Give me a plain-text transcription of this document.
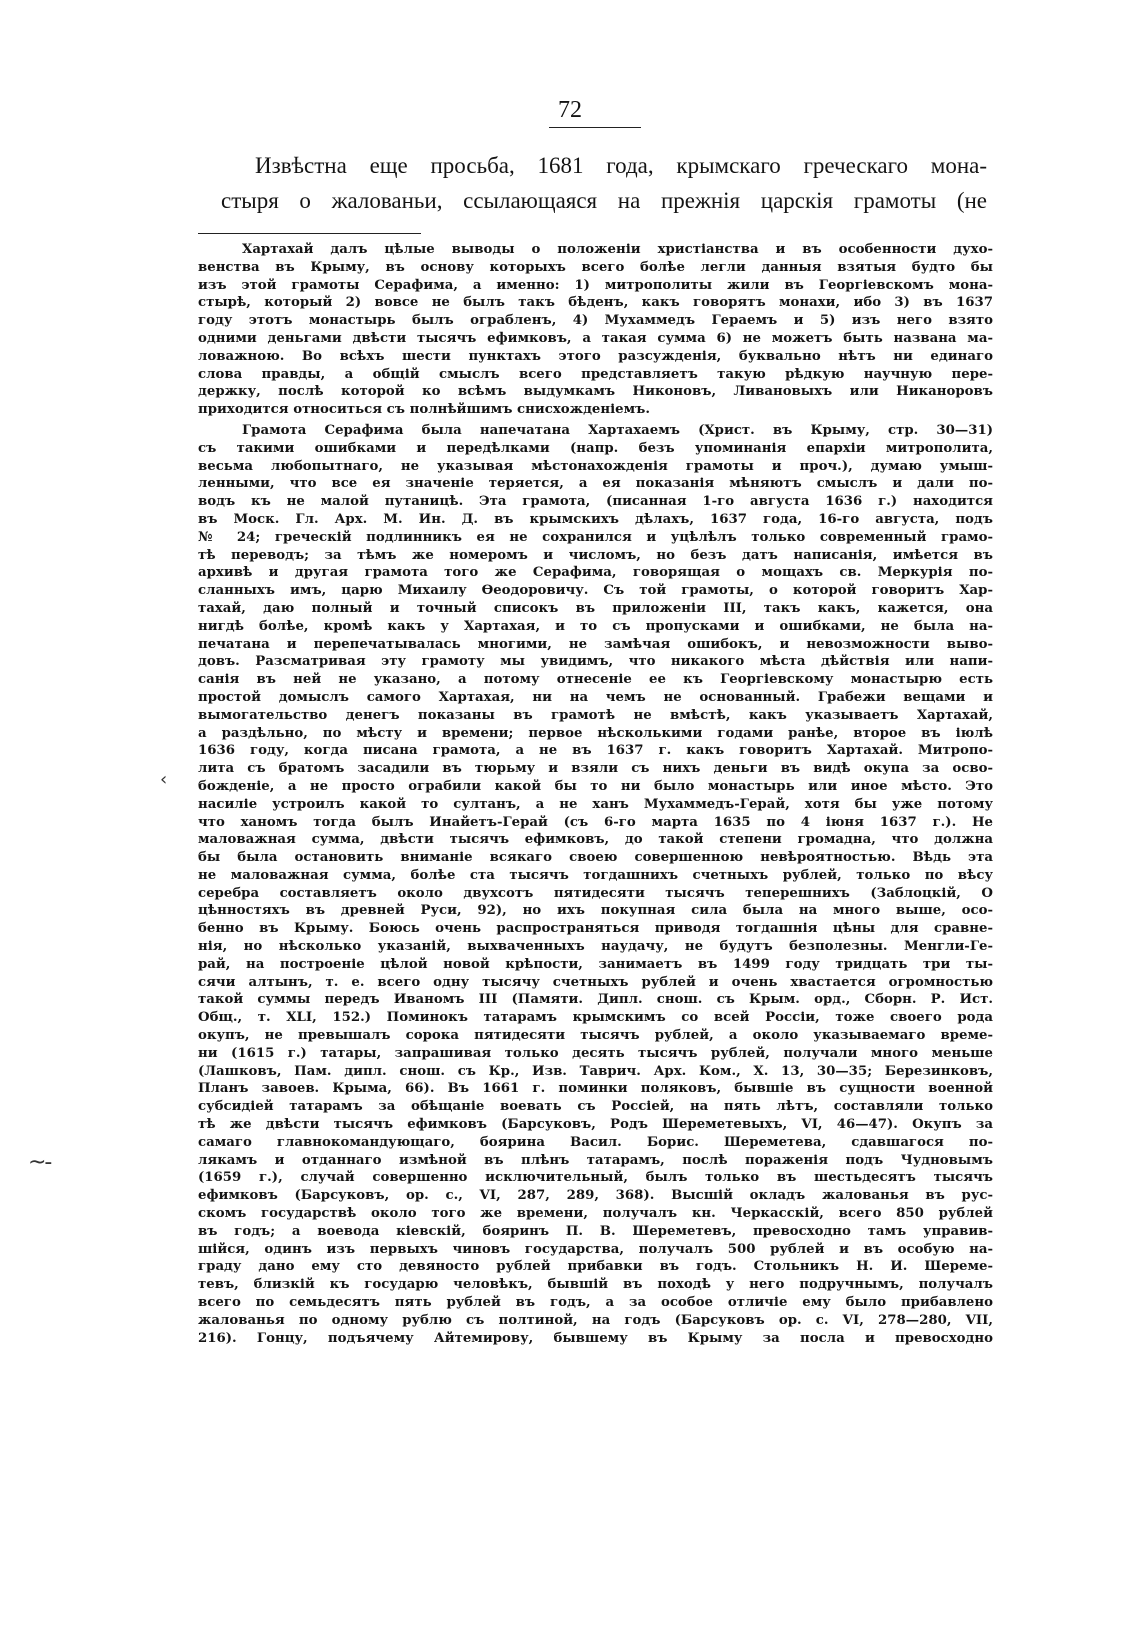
72
Извѣстна еще просьба, 1681 года, крымскаго греческаго мона-
стыря о жалованьи, ссылающаяся на прежнія царскія грамоты (не
Хартахай далъ цѣлые выводы о положеніи христіанства и въ особенности духо-
венства въ Крыму, въ основу которыхъ всего болѣе легли данныя взятыя будто бы
изъ этой грамоты Серафима, а именно: 1) митрополиты жили въ Георгіевскомъ мона-
стырѣ, который 2) вовсе не былъ такъ бѣденъ, какъ говорятъ монахи, ибо 3) въ 1637
году этотъ монастырь былъ ограбленъ, 4) Мухаммедъ Гераемъ и 5) изъ него взято
одними деньгами двѣсти тысячъ ефимковъ, а такая сумма 6) не можетъ быть названа ма-
ловажною. Во всѣхъ шести пунктахъ этого разсужденія, буквально нѣтъ ни единаго
слова правды, а общій смыслъ всего представляетъ такую рѣдкую научную пере-
держку, послѣ которой ко всѣмъ выдумкамъ Никоновъ, Ливановыхъ или Никаноровъ
приходится относиться съ полнѣйшимъ снисхожденіемъ.
Грамота Серафима была напечатана Хартахаемъ (Христ. въ Крыму, стр. 30—31)
съ такими ошибками и передѣлками (напр. безъ упоминанія епархіи митрополита,
весьма любопытнаго, не указывая мѣстонахожденія грамоты и проч.), думаю умыш-
ленными, что все ея значеніе теряется, а ея показанія мѣняютъ смыслъ и дали по-
водъ къ не малой путаницѣ. Эта грамота, (писанная 1-го августа 1636 г.) находится
въ Моск. Гл. Арх. М. Ин. Д. въ крымскихъ дѣлахъ, 1637 года, 16-го августа, подъ
№ 24; греческій подлинникъ ея не сохранился и уцѣлѣлъ только современный грамо-
тѣ переводъ; за тѣмъ же номеромъ и числомъ, но безъ датъ написанія, имѣется въ
архивѣ и другая грамота того же Серафима, говорящая о мощахъ св. Меркурія по-
сланныхъ имъ, царю Михаилу Ѳеодоровичу. Съ той грамоты, о которой говоритъ Хар-
тахай, даю полный и точный списокъ въ приложеніи III, такъ какъ, кажется, она
нигдѣ болѣе, кромѣ какъ у Хартахая, и то съ пропусками и ошибками, не была на-
печатана и перепечатывалась многими, не замѣчая ошибокъ, и невозможности выво-
довъ. Разсматривая эту грамоту мы увидимъ, что никакого мѣста дѣйствія или напи-
санія въ ней не указано, а потому отнесеніе ее къ Георгіевскому монастырю есть
простой домыслъ самого Хартахая, ни на чемъ не основанный. Грабежи вещами и
вымогательство денегъ показаны въ грамотѣ не вмѣстѣ, какъ указываетъ Хартахай,
а раздѣльно, по мѣсту и времени; первое нѣсколькими годами ранѣе, второе въ іюлѣ
1636 году, когда писана грамота, а не въ 1637 г. какъ говоритъ Хартахай. Митропо-
лита съ братомъ засадили въ тюрьму и взяли съ нихъ деньги въ видѣ окупа за осво-
божденіе, а не просто ограбили какой бы то ни было монастырь или иное мѣсто. Это
насиліе устроилъ какой то султанъ, а не ханъ Мухаммедъ-Герай, хотя бы уже потому
что ханомъ тогда былъ Инайетъ-Герай (съ 6-го марта 1635 по 4 іюня 1637 г.). Не
маловажная сумма, двѣсти тысячъ ефимковъ, до такой степени громадна, что должна
бы была остановить вниманіе всякаго своею совершенною невѣроятностью. Вѣдь эта
не маловажная сумма, болѣе ста тысячъ тогдашнихъ счетныхъ рублей, только по вѣсу
серебра составляетъ около двухсотъ пятидесяти тысячъ теперешнихъ (Заблоцкій, О
цѣнностяхъ въ древней Руси, 92), но ихъ покупная сила была на много выше, осо-
бенно въ Крыму. Боюсь очень распространяться приводя тогдашнія цѣны для сравне-
нія, но нѣсколько указаній, выхваченныхъ наудачу, не будутъ безполезны. Менгли-Ге-
рай, на построеніе цѣлой новой крѣпости, занимаетъ въ 1499 году тридцать три ты-
сячи алтынъ, т. е. всего одну тысячу счетныхъ рублей и очень хвастается огромностью
такой суммы передъ Иваномъ III (Памяти. Дипл. снош. съ Крым. орд., Сборн. Р. Ист.
Общ., т. XLI, 152.) Поминокъ татарамъ крымскимъ со всей Россіи, тоже своего рода
окупъ, не превышалъ сорока пятидесяти тысячъ рублей, а около указываемаго време-
ни (1615 г.) татары, запрашивая только десять тысячъ рублей, получали много меньше
(Лашковъ, Пам. дипл. снош. съ Кр., Изв. Таврич. Арх. Ком., Х. 13, 30—35; Березинковъ,
Планъ завоев. Крыма, 66). Въ 1661 г. поминки поляковъ, бывшіе въ сущности военной
субсидіей татарамъ за обѣщаніе воевать съ Россіей, на пять лѣтъ, составляли только
тѣ же двѣсти тысячъ ефимковъ (Барсуковъ, Родъ Шереметевыхъ, VI, 46—47). Окупъ за
самаго главнокомандующаго, боярина Васил. Борис. Шереметева, сдавшагося по-
лякамъ и отданнаго измѣной въ плѣнъ татарамъ, послѣ пораженія подъ Чудновымъ
(1659 г.), случай совершенно исключительный, былъ только въ шестьдесятъ тысячъ
ефимковъ (Барсуковъ, ор. с., VI, 287, 289, 368). Высшій окладъ жалованья въ рус-
скомъ государствѣ около того же времени, получалъ кн. Черкасскій, всего 850 рублей
въ годъ; а воевода кіевскій, бояринъ П. В. Шереметевъ, превосходно тамъ управив-
шійся, одинъ изъ первыхъ чиновъ государства, получалъ 500 рублей и въ особую на-
граду дано ему сто девяносто рублей прибавки въ годъ. Стольникъ Н. И. Шереме-
тевъ, близкій къ государю человѣкъ, бывшій въ походѣ у него подручнымъ, получалъ
всего по семьдесятъ пять рублей въ годъ, а за особое отличіе ему было прибавлено
жалованья по одному рублю съ полтиной, на годъ (Барсуковъ ор. с. VI, 278—280, VII,
216). Гонцу, подъячему Айтемирову, бывшему въ Крыму за посла и превосходно
‹
~-
